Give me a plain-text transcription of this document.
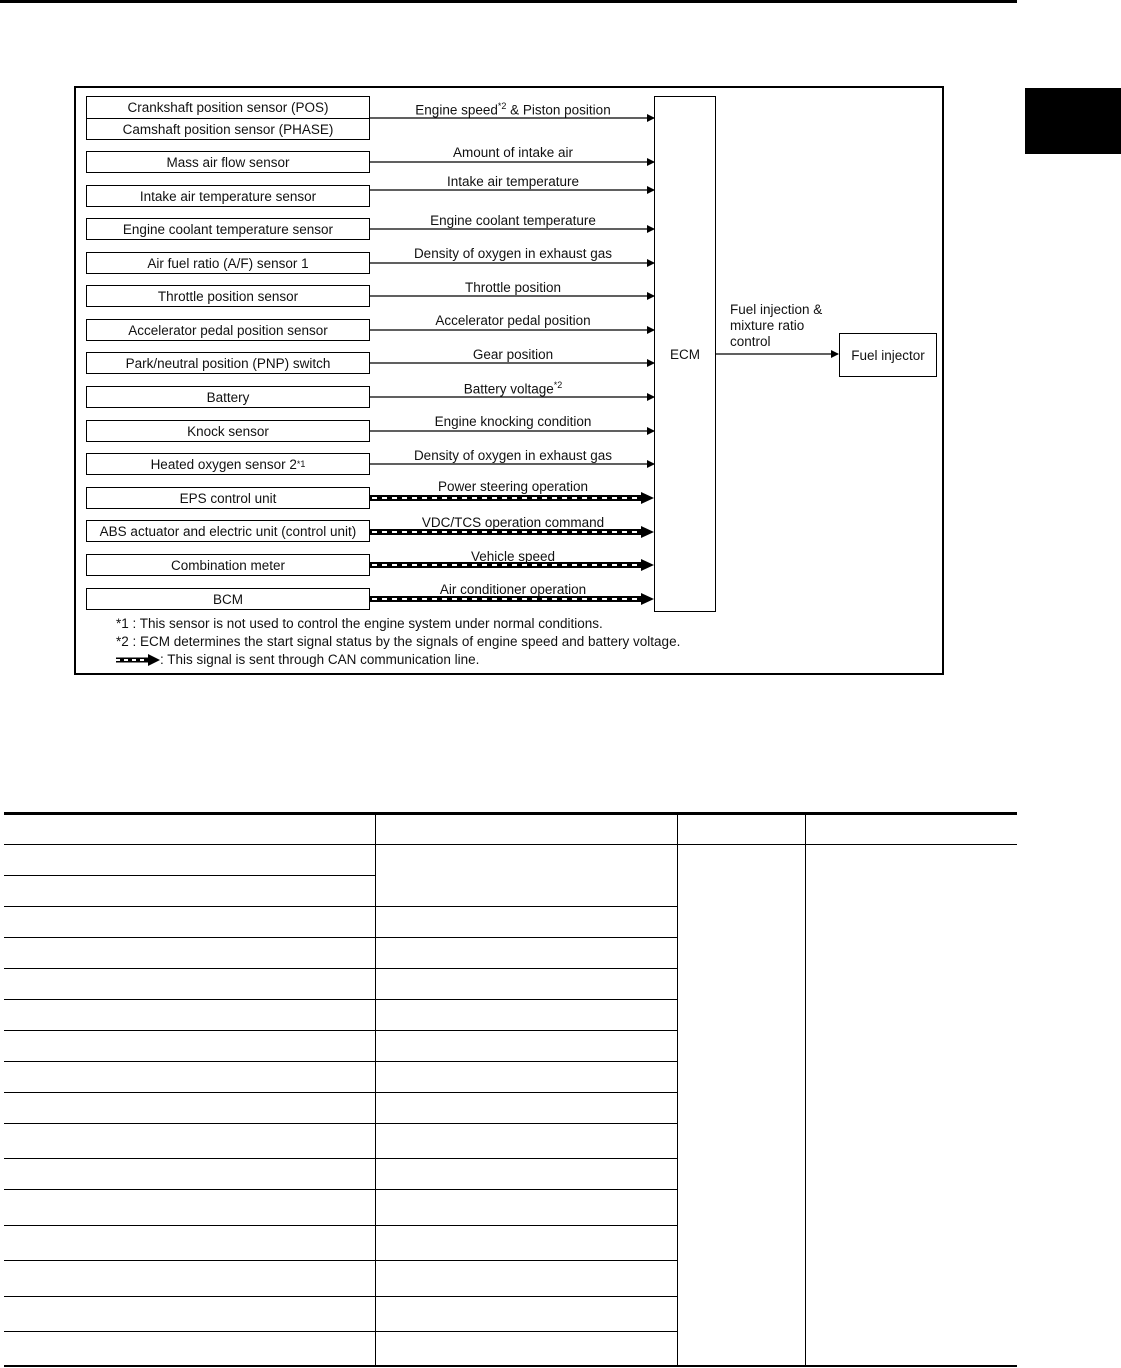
Crankshaft position sensor (POS)
Camshaft position sensor (PHASE)
Mass air flow sensor
Intake air temperature sensor
Engine coolant temperature sensor
Air fuel ratio (A/F) sensor 1
Throttle position sensor
Accelerator pedal position sensor
Park/neutral position (PNP) switch
Battery
Knock sensor
Heated oxygen sensor 2 *1
EPS control unit
ABS actuator and electric unit (control unit)
Combination meter
BCM
Engine speed$^{*2}$ & Piston position
Amount of intake air
Intake air temperature
Engine coolant temperature
Density of oxygen in exhaust gas
Throttle position
Accelerator pedal position
Gear position
Battery voltage$^{*2}$
Engine knocking condition
Density of oxygen in exhaust gas
Power steering operation
VDC/TCS operation command
Vehicle speed
Air conditioner operation
ECM
Fuel injection &
mixture ratio
control
Fuel injector
*1 : This sensor is not used to control the engine system under normal conditions.
*2 : ECM determines the start signal status by the signals of engine speed and battery voltage.
: This signal is sent through CAN communication line.
